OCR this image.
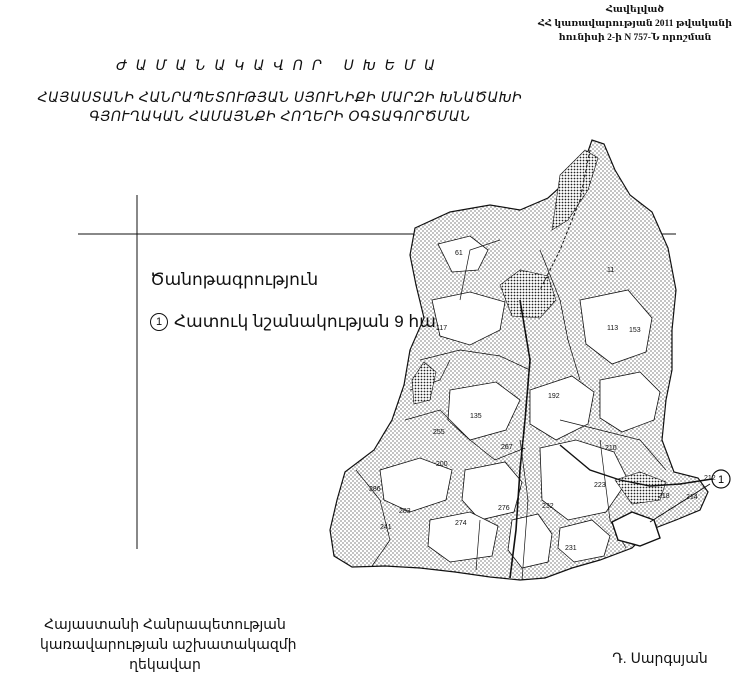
Հավելված
ՀՀ կառավարության 2011 թվականի
հունիսի 2-ի N 757-Ն որոշման
ԺԱՄԱՆԱԿԱՎՈՐ ՍԽԵՄԱ
ՀԱՅԱՍՏԱՆԻ ՀԱՆՐԱՊԵՏՈՒԹՅԱՆ ՍՅՈՒՆԻՔԻ ՄԱՐԶԻ ԽՆԱԾԱԽԻ
ԳՅՈՒՂԱԿԱՆ ՀԱՄԱՅՆՔԻ ՀՈՂԵՐԻ ՕԳՏԱԳՈՐԾՄԱՆ
1
61
11
113 153
117
192
135
255
210
223
200
267
218 214
276
274
232
231
283
286
241
212
Ծանոթագրություն
1 Հատուկ նշանակության 9 հա
Հայաստանի Հանրապետության
կառավարության աշխատակազմի
ղեկավար	Դ. Սարգսյան
